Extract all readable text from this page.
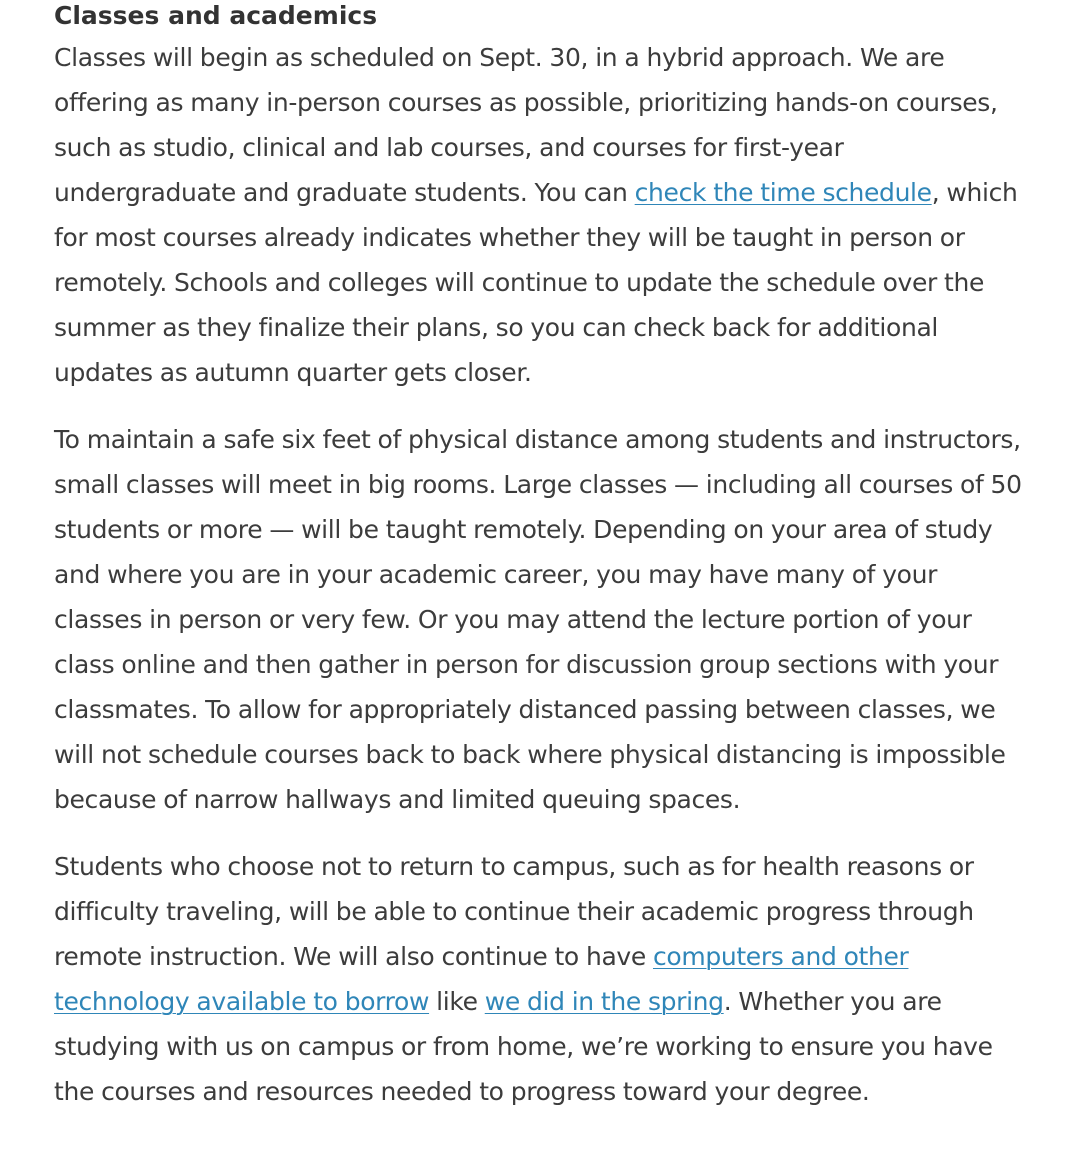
Classes and academics

Classes will begin as scheduled on Sept. 30, in a hybrid approach. We are offering as many in-person courses as possible, prioritizing hands-on courses, such as studio, clinical and lab courses, and courses for first-year undergraduate and graduate students. You can check the time schedule, which for most courses already indicates whether they will be taught in person or remotely. Schools and colleges will continue to update the schedule over the summer as they finalize their plans, so you can check back for additional updates as autumn quarter gets closer.

To maintain a safe six feet of physical distance among students and instructors, small classes will meet in big rooms. Large classes — including all courses of 50 students or more — will be taught remotely. Depending on your area of study and where you are in your academic career, you may have many of your classes in person or very few. Or you may attend the lecture portion of your class online and then gather in person for discussion group sections with your classmates. To allow for appropriately distanced passing between classes, we will not schedule courses back to back where physical distancing is impossible because of narrow hallways and limited queuing spaces.

Students who choose not to return to campus, such as for health reasons or difficulty traveling, will be able to continue their academic progress through remote instruction. We will also continue to have computers and other technology available to borrow like we did in the spring. Whether you are studying with us on campus or from home, we’re working to ensure you have the courses and resources needed to progress toward your degree.
